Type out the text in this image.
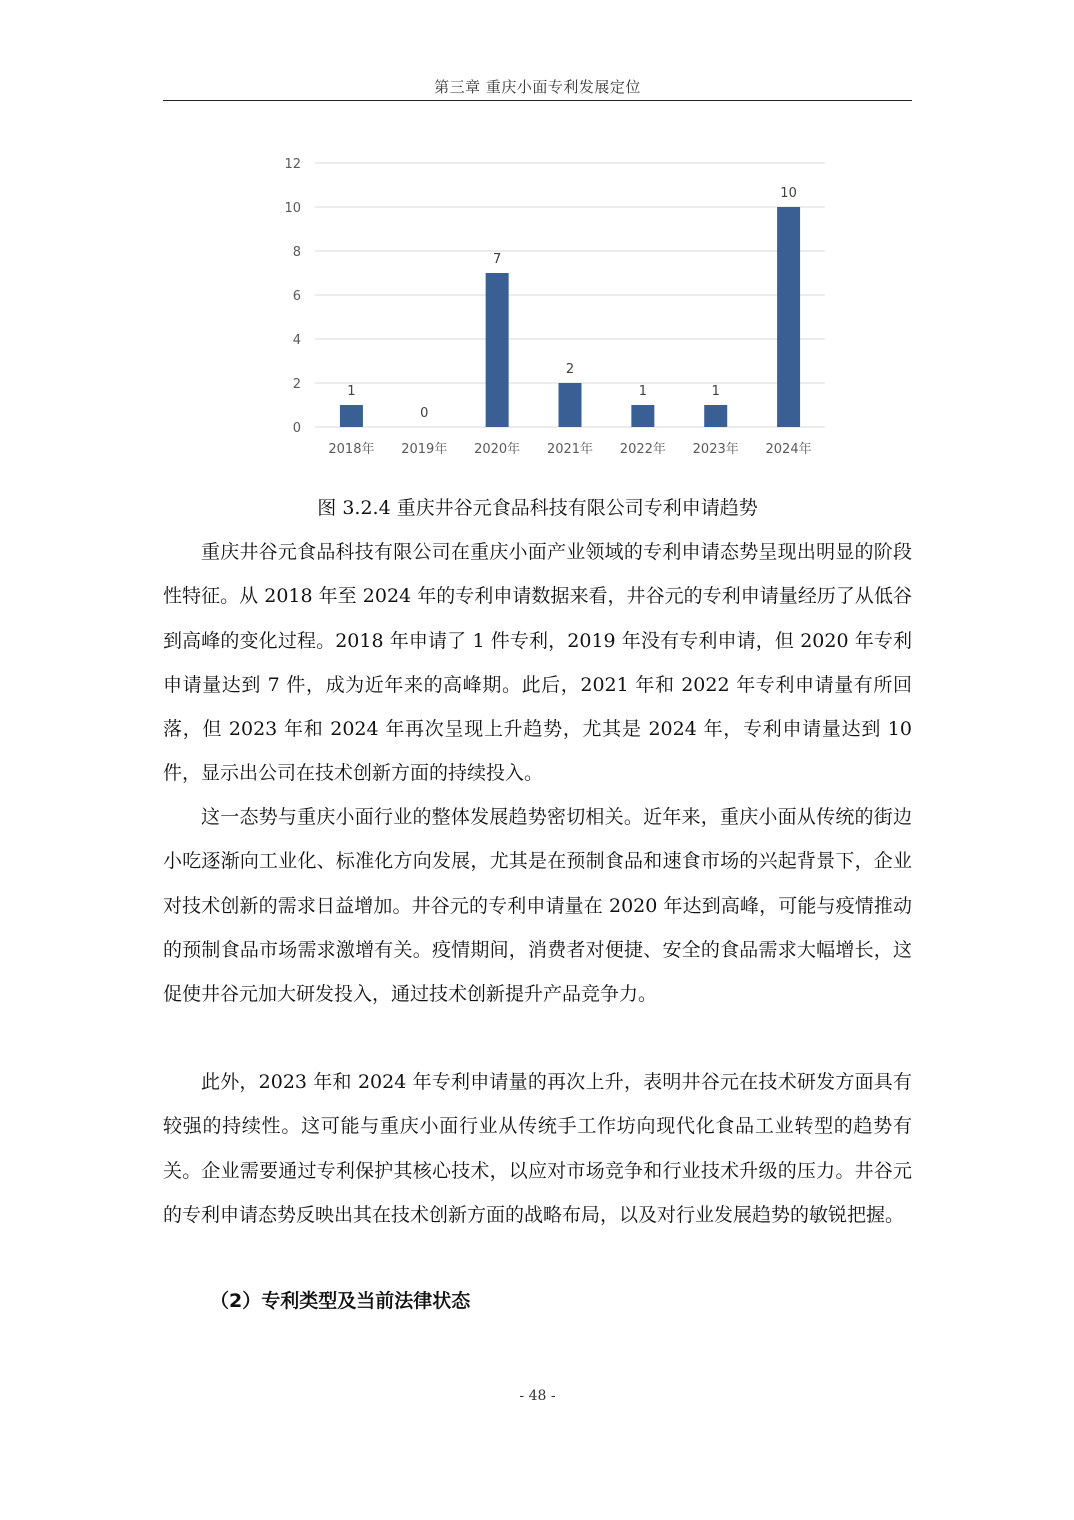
第三章 重庆小面专利发展定位
0
2
4
6
8
10
12
1
2018年
0
2019年
7
2020年
2
2021年
1
2022年
1
2023年
10
2024年
图 3.2.4 重庆井谷元食品科技有限公司专利申请趋势

重庆井谷元食品科技有限公司在重庆小面产业领域的专利申请态势呈现出明显的阶段性特征。从 2018 年至 2024 年的专利申请数据来看，井谷元的专利申请量经历了从低谷到高峰的变化过程。2018 年申请了 1 件专利，2019 年没有专利申请，但 2020 年专利申请量达到 7 件，成为近年来的高峰期。此后，2021 年和 2022 年专利申请量有所回落，但 2023 年和 2024 年再次呈现上升趋势，尤其是 2024 年，专利申请量达到 10 件，显示出公司在技术创新方面的持续投入。

这一态势与重庆小面行业的整体发展趋势密切相关。近年来，重庆小面从传统的街边小吃逐渐向工业化、标准化方向发展，尤其是在预制食品和速食市场的兴起背景下，企业对技术创新的需求日益增加。井谷元的专利申请量在 2020 年达到高峰，可能与疫情推动的预制食品市场需求激增有关。疫情期间，消费者对便捷、安全的食品需求大幅增长，这促使井谷元加大研发投入，通过技术创新提升产品竞争力。

此外，2023 年和 2024 年专利申请量的再次上升，表明井谷元在技术研发方面具有较强的持续性。这可能与重庆小面行业从传统手工作坊向现代化食品工业转型的趋势有关。企业需要通过专利保护其核心技术，以应对市场竞争和行业技术升级的压力。井谷元的专利申请态势反映出其在技术创新方面的战略布局，以及对行业发展趋势的敏锐把握。

（2）专利类型及当前法律状态
- 48 -
